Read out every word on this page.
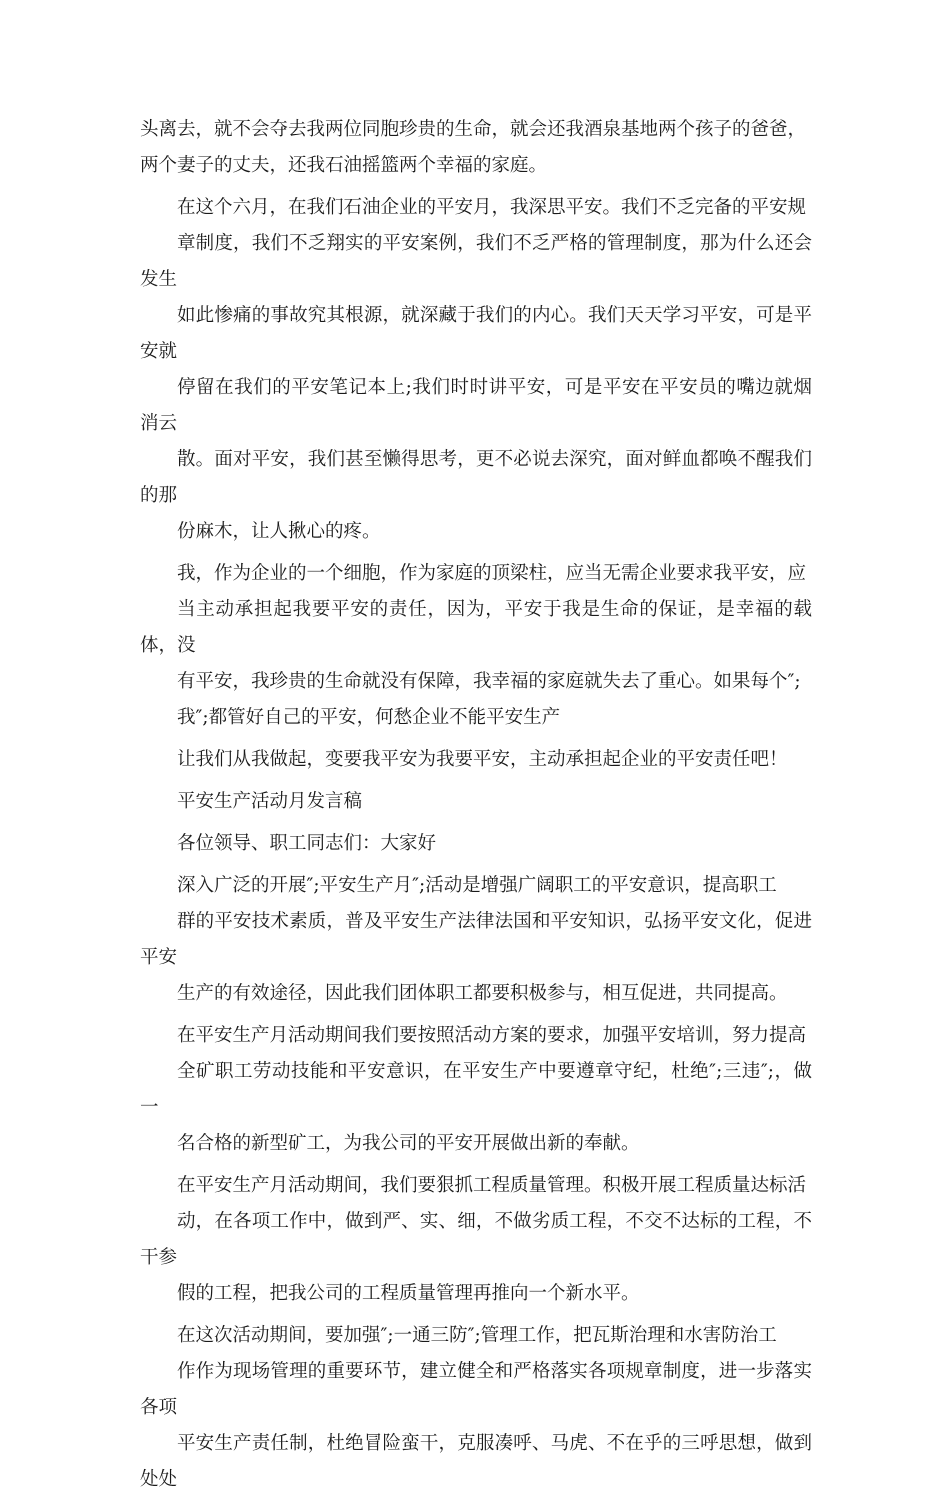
头离去，就不会夺去我两位同胞珍贵的生命，就会还我酒泉基地两个孩子的爸爸，
两个妻子的丈夫，还我石油摇篮两个幸福的家庭。
在这个六月，在我们石油企业的平安月，我深思平安。我们不乏完备的平安规
章制度，我们不乏翔实的平安案例，我们不乏严格的管理制度，那为什么还会发生
如此惨痛的事故究其根源，就深藏于我们的内心。我们天天学习平安，可是平安就
停留在我们的平安笔记本上;我们时时讲平安，可是平安在平安员的嘴边就烟消云
散。面对平安，我们甚至懒得思考，更不必说去深究，面对鲜血都唤不醒我们的那
份麻木，让人揪心的疼。
我，作为企业的一个细胞，作为家庭的顶梁柱，应当无需企业要求我平安，应
当主动承担起我要平安的责任，因为，平安于我是生命的保证，是幸福的载体，没
有平安，我珍贵的生命就没有保障，我幸福的家庭就失去了重心。如果每个″;
我″;都管好自己的平安，何愁企业不能平安生产
让我们从我做起，变要我平安为我要平安，主动承担起企业的平安责任吧！
平安生产活动月发言稿
各位领导、职工同志们：大家好
深入广泛的开展″;平安生产月″;活动是增强广阔职工的平安意识，提高职工
群的平安技术素质，普及平安生产法律法国和平安知识，弘扬平安文化，促进平安
生产的有效途径，因此我们团体职工都要积极参与，相互促进，共同提高。
在平安生产月活动期间我们要按照活动方案的要求，加强平安培训，努力提高
全矿职工劳动技能和平安意识，在平安生产中要遵章守纪，杜绝″;三违″;，做一
名合格的新型矿工，为我公司的平安开展做出新的奉献。
在平安生产月活动期间，我们要狠抓工程质量管理。积极开展工程质量达标活
动，在各项工作中，做到严、实、细，不做劣质工程，不交不达标的工程，不干参
假的工程，把我公司的工程质量管理再推向一个新水平。
在这次活动期间，要加强″;一通三防″;管理工作，把瓦斯治理和水害防治工
作作为现场管理的重要环节，建立健全和严格落实各项规章制度，进一步落实各项
平安生产责任制，杜绝冒险蛮干，克服凑呼、马虎、不在乎的三呼思想，做到处处
